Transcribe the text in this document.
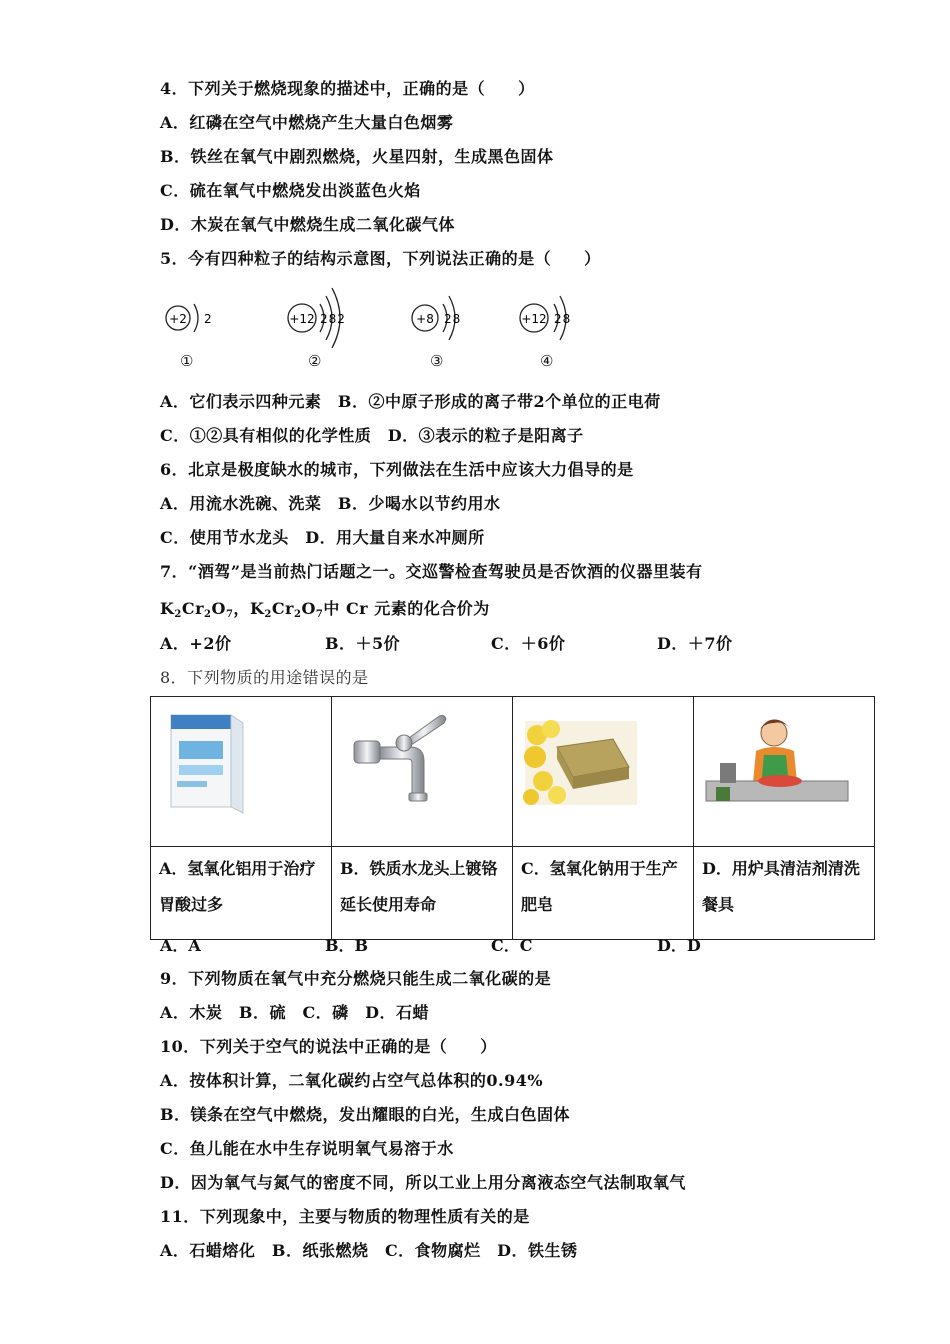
4．下列关于燃烧现象的描述中，正确的是（　　）
A．红磷在空气中燃烧产生大量白色烟雾
B．铁丝在氧气中剧烈燃烧，火星四射，生成黑色固体
C．硫在氧气中燃烧发出淡蓝色火焰
D．木炭在氧气中燃烧生成二氧化碳气体
5．今有四种粒子的结构示意图，下列说法正确的是（　　）
+2 2
①
+12 282
②
+8 28
③
+12 28
④
A．它们表示四种元素　B．②中原子形成的离子带2个单位的正电荷
C．①②具有相似的化学性质　D．③表示的粒子是阳离子
6．北京是极度缺水的城市，下列做法在生活中应该大力倡导的是
A．用流水洗碗、洗菜　B．少喝水以节约用水
C．使用节水龙头　D．用大量自来水冲厕所
7．“酒驾”是当前热门话题之一。交巡警检查驾驶员是否饮酒的仪器里装有
$K_2Cr_2O_7$，$K_2Cr_2O_7$中 Cr 元素的化合价为
A．+2价	B．＋5价	C．＋6价	D．＋7价
8．下列物质的用途错误的是

A．氢氧化铝用于治疗胃酸过多	B．铁质水龙头上镀铬延长使用寿命	C．氢氧化钠用于生产肥皂	D．用炉具清洁剂清洗餐具
A．A	B．B	C．C	D．D
9．下列物质在氧气中充分燃烧只能生成二氧化碳的是
A．木炭　B．硫　C．磷　D．石蜡
10．下列关于空气的说法中正确的是（　　）
A．按体积计算，二氧化碳约占空气总体积的0.94%
B．镁条在空气中燃烧，发出耀眼的白光，生成白色固体
C．鱼儿能在水中生存说明氧气易溶于水
D．因为氧气与氮气的密度不同，所以工业上用分离液态空气法制取氧气
11．下列现象中，主要与物质的物理性质有关的是
A．石蜡熔化　B．纸张燃烧　C．食物腐烂　D．铁生锈
